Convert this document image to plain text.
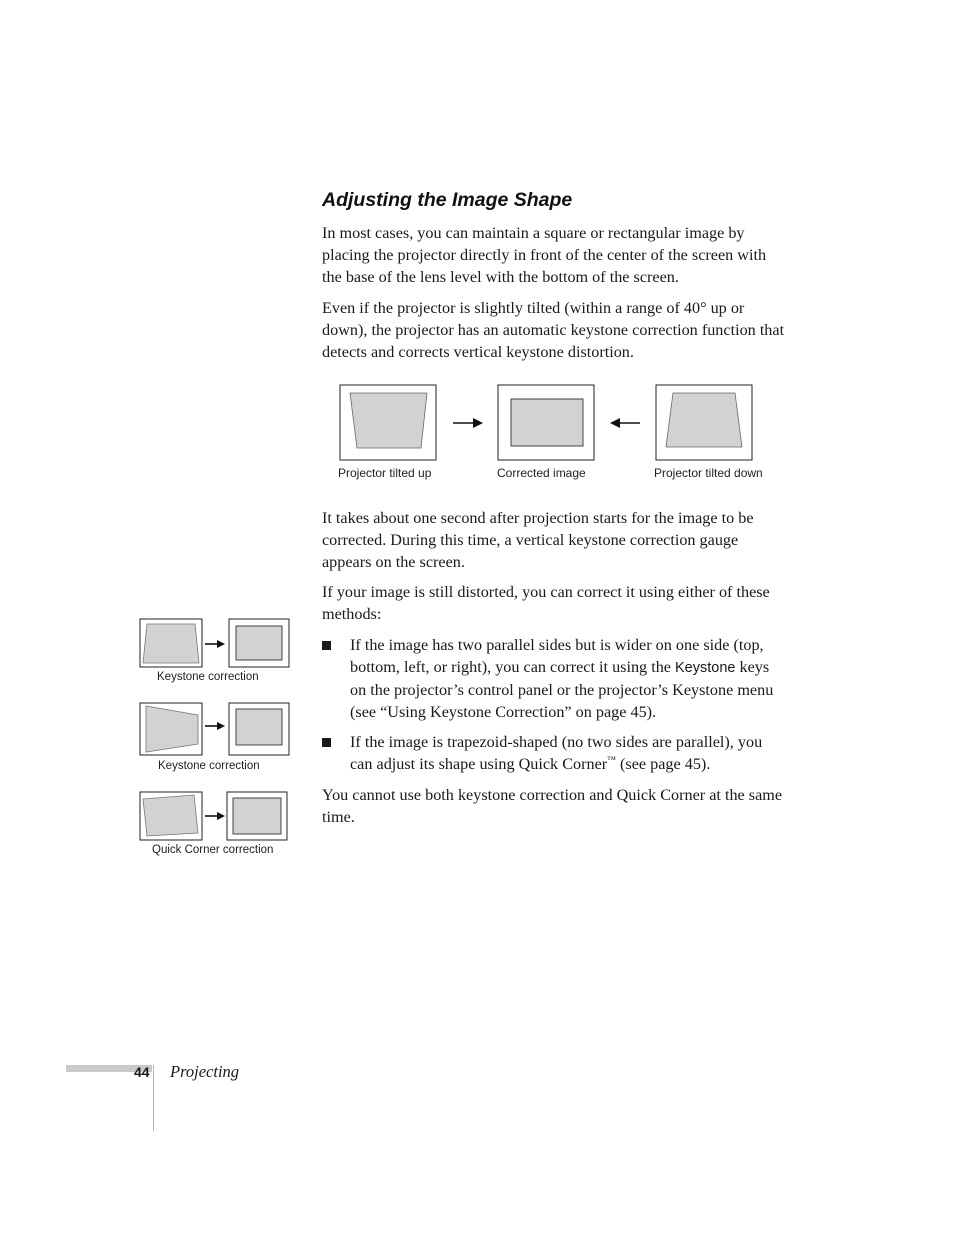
Adjusting the Image Shape

In most cases, you can maintain a square or rectangular image by placing the projector directly in front of the center of the screen with the base of the lens level with the bottom of the screen.

Even if the projector is slightly tilted (within a range of 40° up or down), the projector has an automatic keystone correction function that detects and corrects vertical keystone distortion.

Projector tilted up	Corrected image	Projector tilted down

It takes about one second after projection starts for the image to be corrected. During this time, a vertical keystone correction gauge appears on the screen.

If your image is still distorted, you can correct it using either of these methods:

If the image has two parallel sides but is wider on one side (top, bottom, left, or right), you can correct it using the Keystone keys on the projector’s control panel or the projector’s Keystone menu (see “Using Keystone Correction” on page 45).
If the image is trapezoid-shaped (no two sides are parallel), you can adjust its shape using Quick Corner™ (see page 45).

You cannot use both keystone correction and Quick Corner at the same time.

Keystone correction
Keystone correction
Quick Corner correction
44 Projecting
